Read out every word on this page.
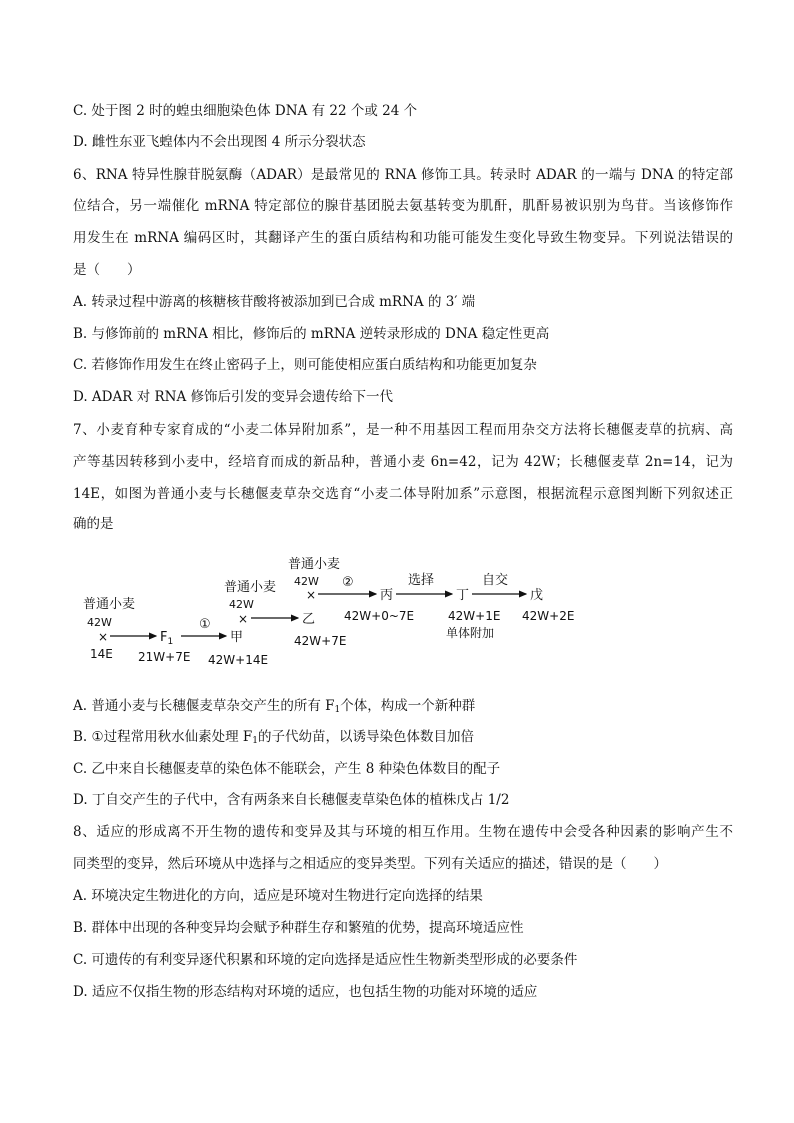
C. 处于图 2 时的蝗虫细胞染色体 DNA 有 22 个或 24 个
D. 雌性东亚飞蝗体内不会出现图 4 所示分裂状态
6、RNA 特异性腺苷脱氨酶（ADAR）是最常见的 RNA 修饰工具。转录时 ADAR 的一端与 DNA 的特定部
位结合，另一端催化 mRNA 特定部位的腺苷基团脱去氨基转变为肌酐，肌酐易被识别为鸟苷。当该修饰作
用发生在 mRNA 编码区时，其翻译产生的蛋白质结构和功能可能发生变化导致生物变异。下列说法错误的
是（　　）
A. 转录过程中游离的核糖核苷酸将被添加到已合成 mRNA 的 3′ 端
B. 与修饰前的 mRNA 相比，修饰后的 mRNA 逆转录形成的 DNA 稳定性更高
C. 若修饰作用发生在终止密码子上，则可能使相应蛋白质结构和功能更加复杂
D. ADAR 对 RNA 修饰后引发的变异会遗传给下一代
7、小麦育种专家育成的“小麦二体异附加系”，是一种不用基因工程而用杂交方法将长穗偃麦草的抗病、高
产等基因转移到小麦中，经培育而成的新品种，普通小麦 6n=42，记为 42W；长穗偃麦草 2n=14，记为
14E，如图为普通小麦与长穗偃麦草杂交选育“小麦二体导附加系”示意图，根据流程示意图判断下列叙述正
确的是
普通小麦
42W
×
14E
$F_1$
21W+7E
①
甲
42W+14E
普通小麦
42W
×	乙
42W+7E
普通小麦
42W
×
②
丙
42W+0~7E
选择
丁
42W+1E
单体附加
自交
戊
42W+2E
A. 普通小麦与长穗偃麦草杂交产生的所有 $F_1$个体，构成一个新种群
B. ①过程常用秋水仙素处理 $F_1$的子代幼苗，以诱导染色体数目加倍
C. 乙中来自长穗偃麦草的染色体不能联会，产生 8 种染色体数目的配子
D. 丁自交产生的子代中，含有两条来自长穗偃麦草染色体的植株戊占 1/2
8、适应的形成离不开生物的遗传和变异及其与环境的相互作用。生物在遗传中会受各种因素的影响产生不
同类型的变异，然后环境从中选择与之相适应的变异类型。下列有关适应的描述，错误的是（　　）
A. 环境决定生物进化的方向，适应是环境对生物进行定向选择的结果
B. 群体中出现的各种变异均会赋予种群生存和繁殖的优势，提高环境适应性
C. 可遗传的有利变异逐代积累和环境的定向选择是适应性生物新类型形成的必要条件
D. 适应不仅指生物的形态结构对环境的适应，也包括生物的功能对环境的适应
